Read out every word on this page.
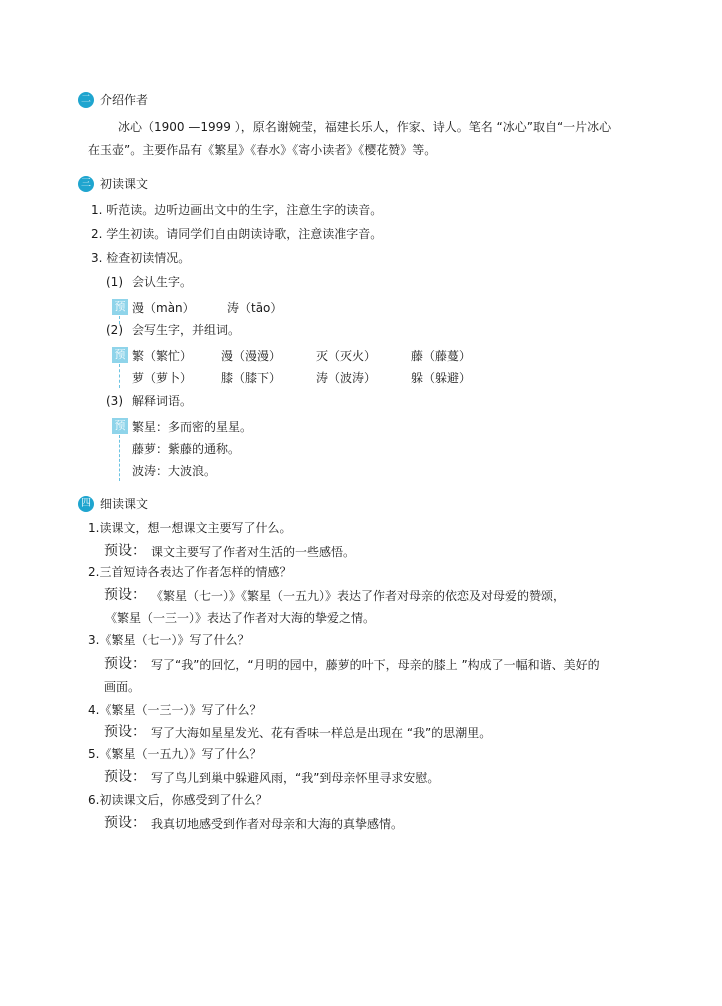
二 介绍作者
冰心（1900 —1999 ），原名谢婉莹，福建长乐人，作家、诗人。笔名 “冰心”取自“一片冰心
在玉壶”。主要作品有《繁星》《春水》《寄小读者》《樱花赞》等。
三 初读课文
1. 听范读。边听边画出文中的生字，注意生字的读音。
2. 学生初读。请同学们自由朗读诗歌，注意读准字音。
3. 检查初读情况。
(1) 会认生字。
预 漫（màn）	涛（tāo）
(2) 会写生字，并组词。
预 繁（繁忙） 漫（漫漫）	灭（灭火）	藤（藤蔓）
萝（萝卜） 膝（膝下）	涛（波涛）	躲（躲避）
(3) 解释词语。
预 繁星：多而密的星星。
藤萝：紫藤的通称。
波涛：大波浪。
四 细读课文
1.读课文，想一想课文主要写了什么。
预设： 课文主要写了作者对生活的一些感悟。
2.三首短诗各表达了作者怎样的情感？
预设： 《繁星（七一）》《繁星（一五九）》表达了作者对母亲的依恋及对母爱的赞颂，
《繁星（一三一）》表达了作者对大海的挚爱之情。
3.《繁星（七一）》写了什么？
预设： 写了“我”的回忆，“月明的园中，藤萝的叶下，母亲的膝上 ”构成了一幅和谐、美好的
画面。
4.《繁星（一三一）》写了什么？
预设： 写了大海如星星发光、花有香味一样总是出现在 “我”的思潮里。
5.《繁星（一五九）》写了什么？
预设： 写了鸟儿到巢中躲避风雨，“我”到母亲怀里寻求安慰。
6.初读课文后，你感受到了什么？
预设： 我真切地感受到作者对母亲和大海的真挚感情。
